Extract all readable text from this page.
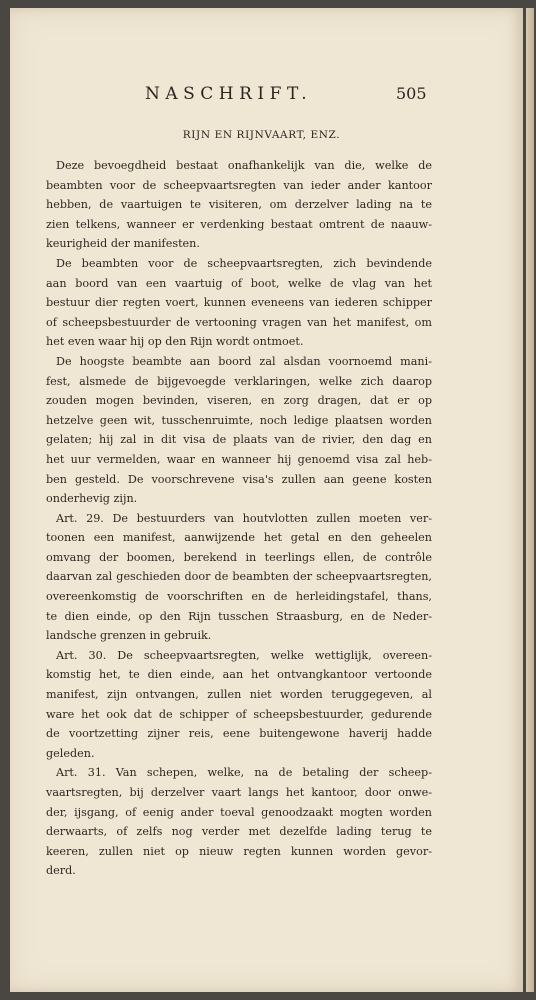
NASCHRIFT.	505
RIJN EN RIJNVAART, ENZ.
Deze bevoegdheid bestaat onafhankelijk van die, welke de
beambten voor de scheepvaartsregten van ieder ander kantoor
hebben, de vaartuigen te visiteren, om derzelver lading na te
zien telkens, wanneer er verdenking bestaat omtrent de naauw-
keurigheid der manifesten.
De beambten voor de scheepvaartsregten, zich bevindende
aan boord van een vaartuig of boot, welke de vlag van het
bestuur dier regten voert, kunnen eveneens van iederen schipper
of scheepsbestuurder de vertooning vragen van het manifest, om
het even waar hij op den Rijn wordt ontmoet.
De hoogste beambte aan boord zal alsdan voornoemd mani-
fest, alsmede de bijgevoegde verklaringen, welke zich daarop
zouden mogen bevinden, viseren, en zorg dragen, dat er op
hetzelve geen wit, tusschenruimte, noch ledige plaatsen worden
gelaten; hij zal in dit visa de plaats van de rivier, den dag en
het uur vermelden, waar en wanneer hij genoemd visa zal heb-
ben gesteld. De voorschrevene visa's zullen aan geene kosten
onderhevig zijn.
Art. 29. De bestuurders van houtvlotten zullen moeten ver-
toonen een manifest, aanwijzende het getal en den geheelen
omvang der boomen, berekend in teerlings ellen, de contrôle
daarvan zal geschieden door de beambten der scheepvaartsregten,
overeenkomstig de voorschriften en de herleidingstafel, thans,
te dien einde, op den Rijn tusschen Straasburg, en de Neder-
landsche grenzen in gebruik.
Art. 30. De scheepvaartsregten, welke wettiglijk, overeen-
komstig het, te dien einde, aan het ontvangkantoor vertoonde
manifest, zijn ontvangen, zullen niet worden teruggegeven, al
ware het ook dat de schipper of scheepsbestuurder, gedurende
de voortzetting zijner reis, eene buitengewone haverij hadde
geleden.
Art. 31. Van schepen, welke, na de betaling der scheep-
vaartsregten, bij derzelver vaart langs het kantoor, door onwe-
der, ijsgang, of eenig ander toeval genoodzaakt mogten worden
derwaarts, of zelfs nog verder met dezelfde lading terug te
keeren, zullen niet op nieuw regten kunnen worden gevor-
derd.
